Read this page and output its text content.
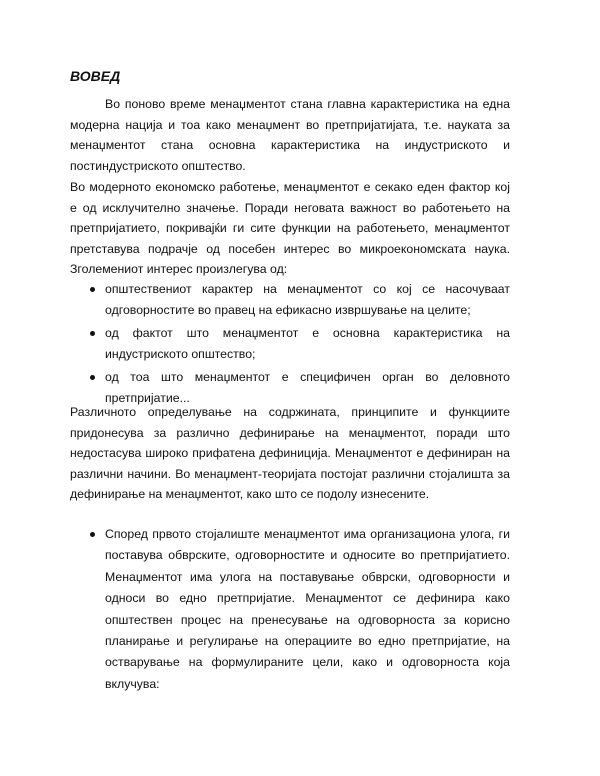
ВОВЕД

Во поново време менаџментот стана главна карактеристика на една модерна нација и тоа како менаџмент во претпријатијата, т.е. науката за менаџментот стана основна карактеристика на индустриското и постиндустриското општество.

Во модерното економско работење, менаџментот е секако еден фактор кој е од исклучително значење. Поради неговата важност во работењето на претпријатието, покривајќи ги сите функции на работењето, менаџментот претставува подрачје од посебен интерес во микроекономската наука. Зголемениот интерес произлегува од:

општествениот карактер на менаџментот со кој се насочуваат одговорностите во правец на ефикасно извршување на целите;
од фактот што менаџментот е основна карактеристика на индустриското општество;
од тоа што менаџментот е специфичен орган во деловното претпријатие...

Различното определување на содржината, принципите и функциите придонесува за различно дефинирање на менаџментот, поради што недостасува широко прифатена дефиниција. Менаџментот е дефиниран на различни начини. Во менаџмент-теоријата постојат различни стојалишта за дефинирање на менаџментот, како што се подолу изнесените.

Според првото стојалиште менаџментот има организациона улога, ги поставува обврските, одговорностите и односите во претпријатието. Менаџментот има улога на поставување обврски, одговорности и односи во едно претпријатие. Менаџментот се дефинира како општествен процес на пренесување на одговорноста за корисно планирање и регулирање на операциите во едно претпријатие, на остварување на формулираните цели, како и одговорноста која вклучува:
